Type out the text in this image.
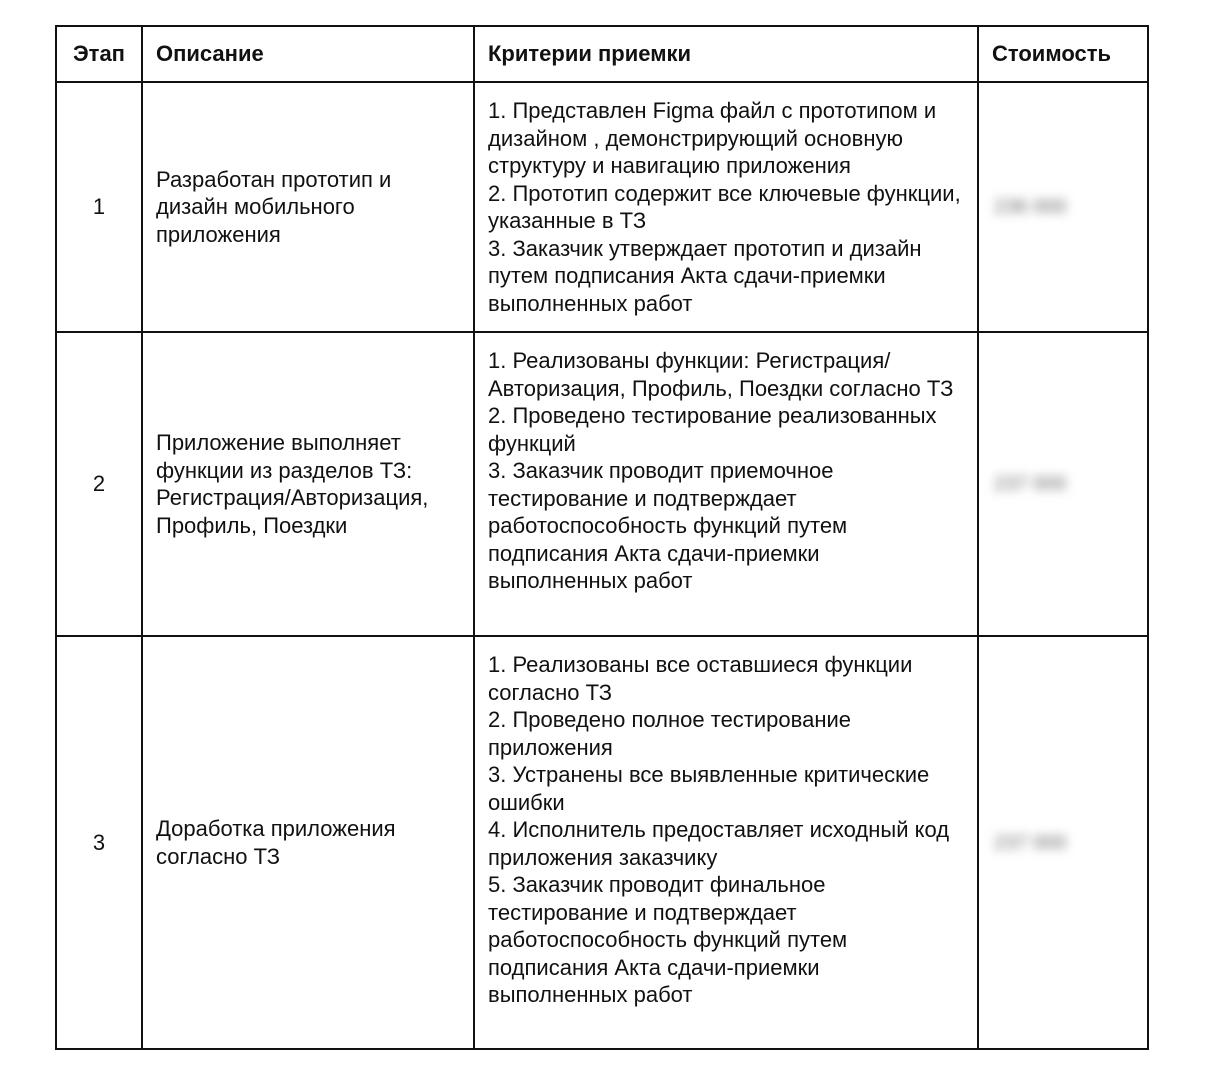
Этап	Описание	Критерии приемки	Стоимость
1	Разработан прототип и дизайн мобильного приложения	1. Представлен Figma файл с прототипом и дизайном , демонстрирующий основную структуру и навигацию приложения
2. Прототип содержит все ключевые функции, указанные в ТЗ
3. Заказчик утверждает прототип и дизайн путем подписания Акта сдачи-приемки выполненных работ	236 000
2	Приложение выполняет функции из разделов ТЗ: Регистрация/Авторизация, Профиль, Поездки	1. Реализованы функции: Регистрация/Авторизация, Профиль, Поездки согласно ТЗ
2. Проведено тестирование реализованных функций
3. Заказчик проводит приемочное тестирование и подтверждает работоспособность функций путем подписания Акта сдачи-приемки выполненных работ	237 000
3	Доработка приложения согласно ТЗ	1. Реализованы все оставшиеся функции согласно ТЗ
2. Проведено полное тестирование приложения
3. Устранены все выявленные критические ошибки
4. Исполнитель предоставляет исходный код приложения заказчику
5. Заказчик проводит финальное тестирование и подтверждает работоспособность функций путем подписания Акта сдачи-приемки выполненных работ	237 000
